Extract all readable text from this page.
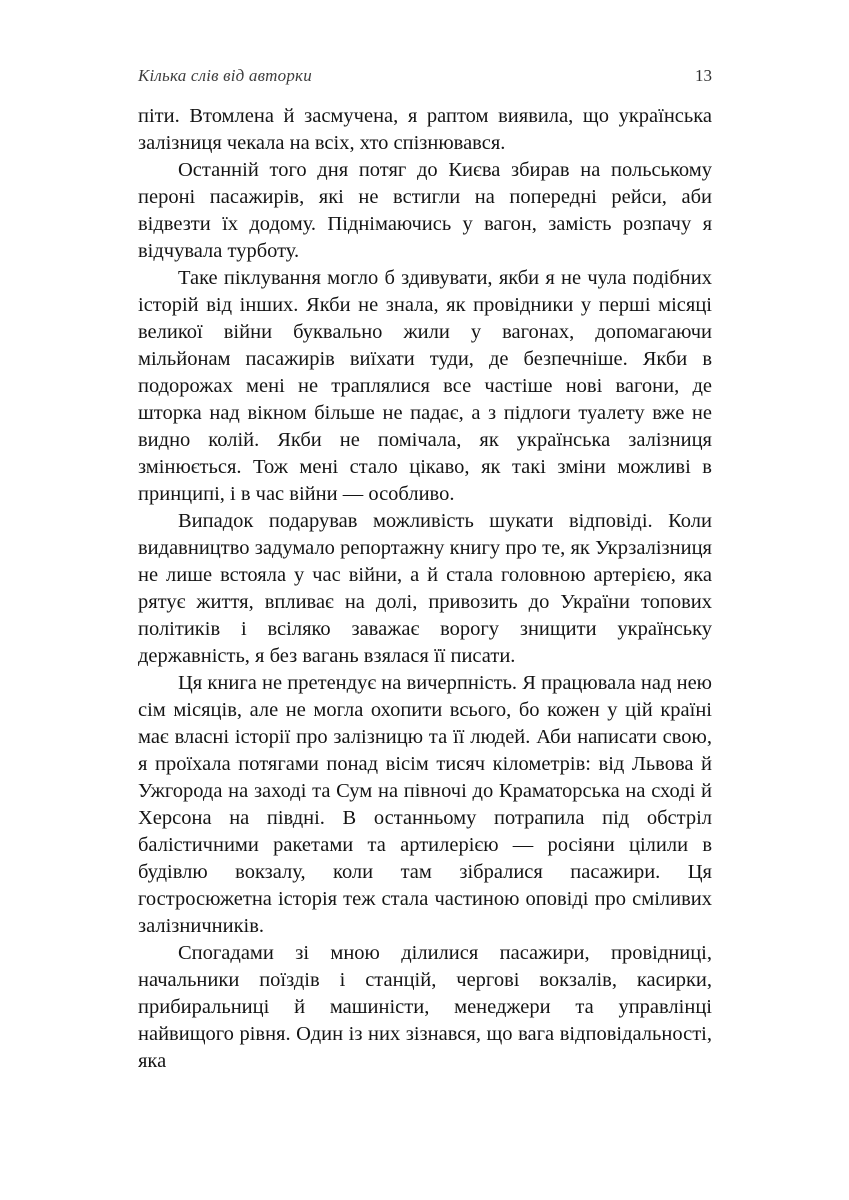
Кілька слів від авторки	13

піти. Втомлена й засмучена, я раптом виявила, що українська залізниця чекала на всіх, хто спізнювався.

Останній того дня потяг до Києва збирав на польському пероні пасажирів, які не встигли на попередні рейси, аби відвезти їх додому. Піднімаючись у вагон, замість розпачу я відчувала турботу.

Таке піклування могло б здивувати, якби я не чула подібних історій від інших. Якби не знала, як провідники у перші місяці великої війни буквально жили у вагонах, допомагаючи мільйонам пасажирів виїхати туди, де безпечніше. Якби в подорожах мені не траплялися все частіше нові вагони, де шторка над вікном більше не падає, а з підлоги туалету вже не видно колій. Якби не помічала, як українська залізниця змінюється. Тож мені стало цікаво, як такі зміни можливі в принципі, і в час війни — особливо.

Випадок подарував можливість шукати відповіді. Коли видавництво задумало репортажну книгу про те, як Укрзалізниця не лише встояла у час війни, а й стала головною артерією, яка рятує життя, впливає на долі, привозить до України топових політиків і всіляко заважає ворогу знищити українську державність, я без вагань взялася її писати.

Ця книга не претендує на вичерпність. Я працювала над нею сім місяців, але не могла охопити всього, бо кожен у цій країні має власні історії про залізницю та її людей. Аби написати свою, я проїхала потягами понад вісім тисяч кілометрів: від Львова й Ужгорода на заході та Сум на півночі до Краматорська на сході й Херсона на півдні. В останньому потрапила під обстріл балістичними ракетами та артилерією — росіяни цілили в будівлю вокзалу, коли там зібралися пасажири. Ця гостросюжетна історія теж стала частиною оповіді про сміливих залізничників.

Спогадами зі мною ділилися пасажири, провідниці, начальники поїздів і станцій, чергові вокзалів, касирки, прибиральниці й машиністи, менеджери та управлінці найвищого рівня. Один із них зізнався, що вага відповідальності, яка
